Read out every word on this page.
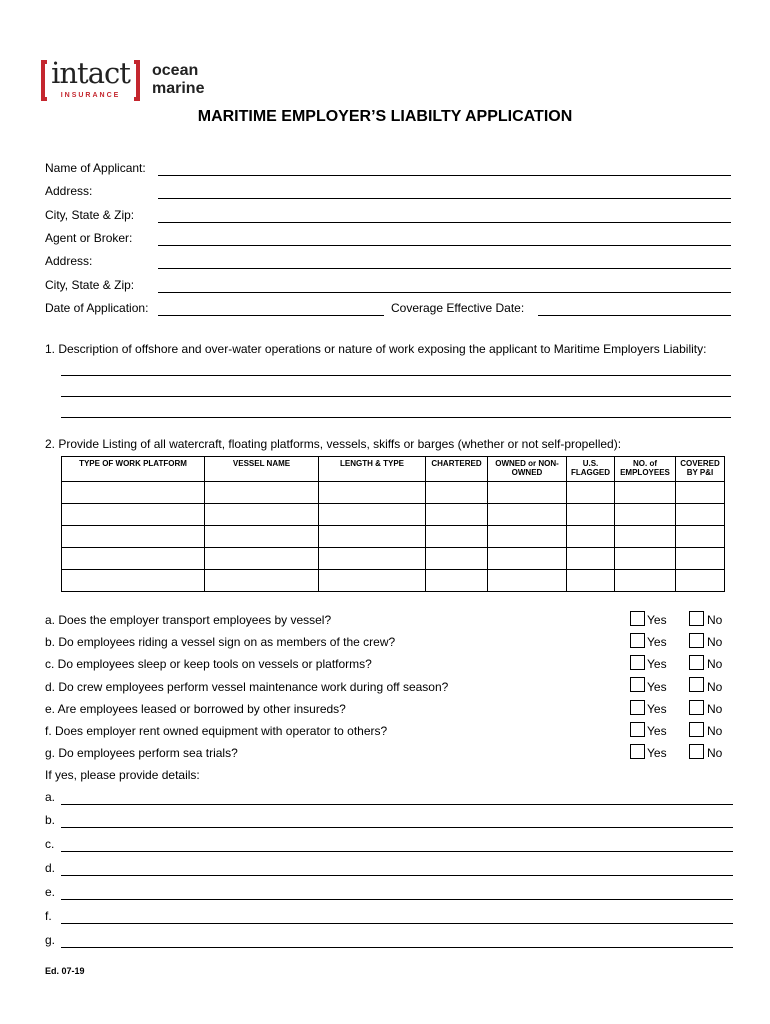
intact
INSURANCE
ocean
marine
MARITIME EMPLOYER’S LIABILTY APPLICATION
Name of Applicant:
Address:
City, State & Zip:
Agent or Broker:
Address:
City, State & Zip:
Date of Application:	Coverage Effective Date:
1. Description of offshore and over-water operations or nature of work exposing the applicant to Maritime Employers Liability:
2. Provide Listing of all watercraft, floating platforms, vessels, skiffs or barges (whether or not self-propelled):
TYPE OF WORK PLATFORM	VESSEL NAME	LENGTH & TYPE	CHARTERED	OWNED or NON-OWNED	U.S. FLAGGED	NO. of EMPLOYEES	COVERED BY P&I

a. Does the employer transport employees by vessel?	Yes	No
b. Do employees riding a vessel sign on as members of the crew?	Yes	No
c. Do employees sleep or keep tools on vessels or platforms?	Yes	No
d. Do crew employees perform vessel maintenance work during off season?	Yes	No
e. Are employees leased or borrowed by other insureds?	Yes	No
f. Does employer rent owned equipment with operator to others?	Yes	No
g. Do employees perform sea trials?	Yes	No
If yes, please provide details:
a.
b.
c.
d.
e.
f.
g.
Ed. 07-19
